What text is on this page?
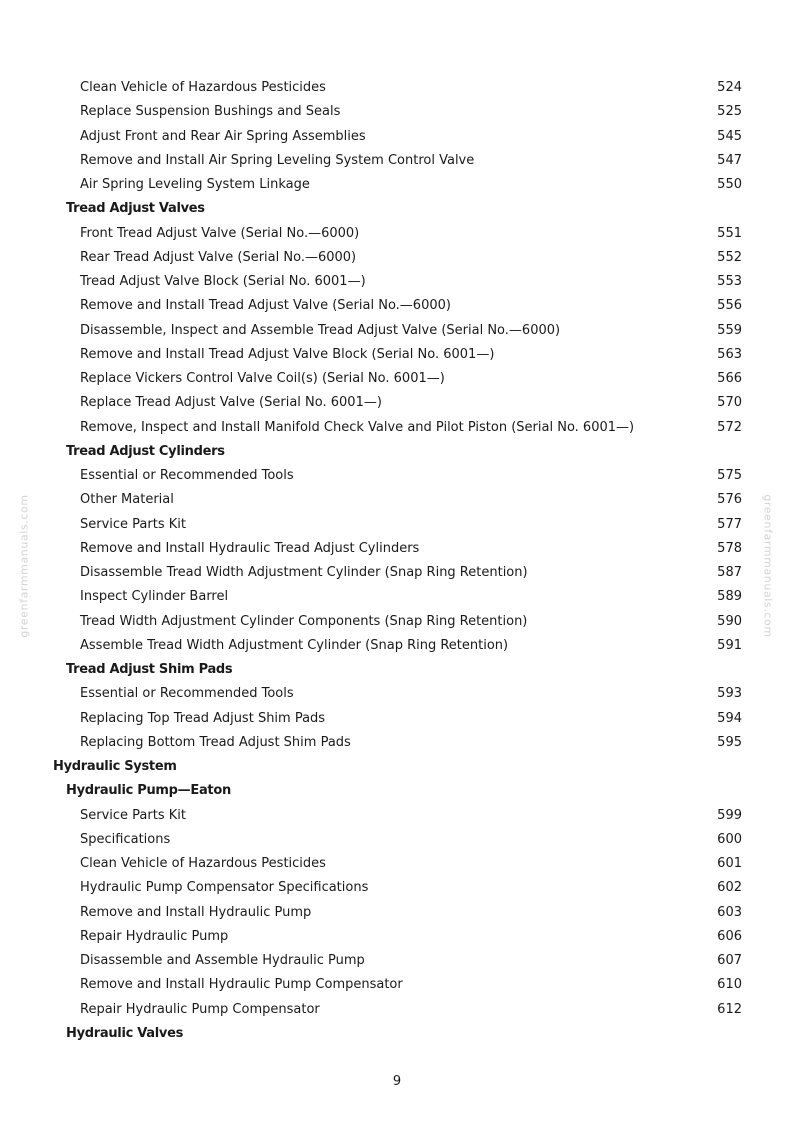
Clean Vehicle of Hazardous Pesticides	524
Replace Suspension Bushings and Seals	525
Adjust Front and Rear Air Spring Assemblies	545
Remove and Install Air Spring Leveling System Control Valve	547
Air Spring Leveling System Linkage	550
Tread Adjust Valves
Front Tread Adjust Valve (Serial No.—6000)	551
Rear Tread Adjust Valve (Serial No.—6000)	552
Tread Adjust Valve Block (Serial No. 6001—)	553
Remove and Install Tread Adjust Valve (Serial No.—6000)	556
Disassemble, Inspect and Assemble Tread Adjust Valve (Serial No.—6000)	559
Remove and Install Tread Adjust Valve Block (Serial No. 6001—)	563
Replace Vickers Control Valve Coil(s) (Serial No. 6001—)	566
Replace Tread Adjust Valve (Serial No. 6001—)	570
Remove, Inspect and Install Manifold Check Valve and Pilot Piston (Serial No. 6001—)	572
Tread Adjust Cylinders
Essential or Recommended Tools	575
Other Material	576
Service Parts Kit	577
Remove and Install Hydraulic Tread Adjust Cylinders	578
Disassemble Tread Width Adjustment Cylinder (Snap Ring Retention)	587
Inspect Cylinder Barrel	589
Tread Width Adjustment Cylinder Components (Snap Ring Retention)	590
Assemble Tread Width Adjustment Cylinder (Snap Ring Retention)	591
Tread Adjust Shim Pads
Essential or Recommended Tools	593
Replacing Top Tread Adjust Shim Pads	594
Replacing Bottom Tread Adjust Shim Pads	595
Hydraulic System
Hydraulic Pump—Eaton
Service Parts Kit	599
Specifications	600
Clean Vehicle of Hazardous Pesticides	601
Hydraulic Pump Compensator Specifications	602
Remove and Install Hydraulic Pump	603
Repair Hydraulic Pump	606
Disassemble and Assemble Hydraulic Pump	607
Remove and Install Hydraulic Pump Compensator	610
Repair Hydraulic Pump Compensator	612
Hydraulic Valves
greenfarmmanuals.com	greenfarmmanuals.com
9
